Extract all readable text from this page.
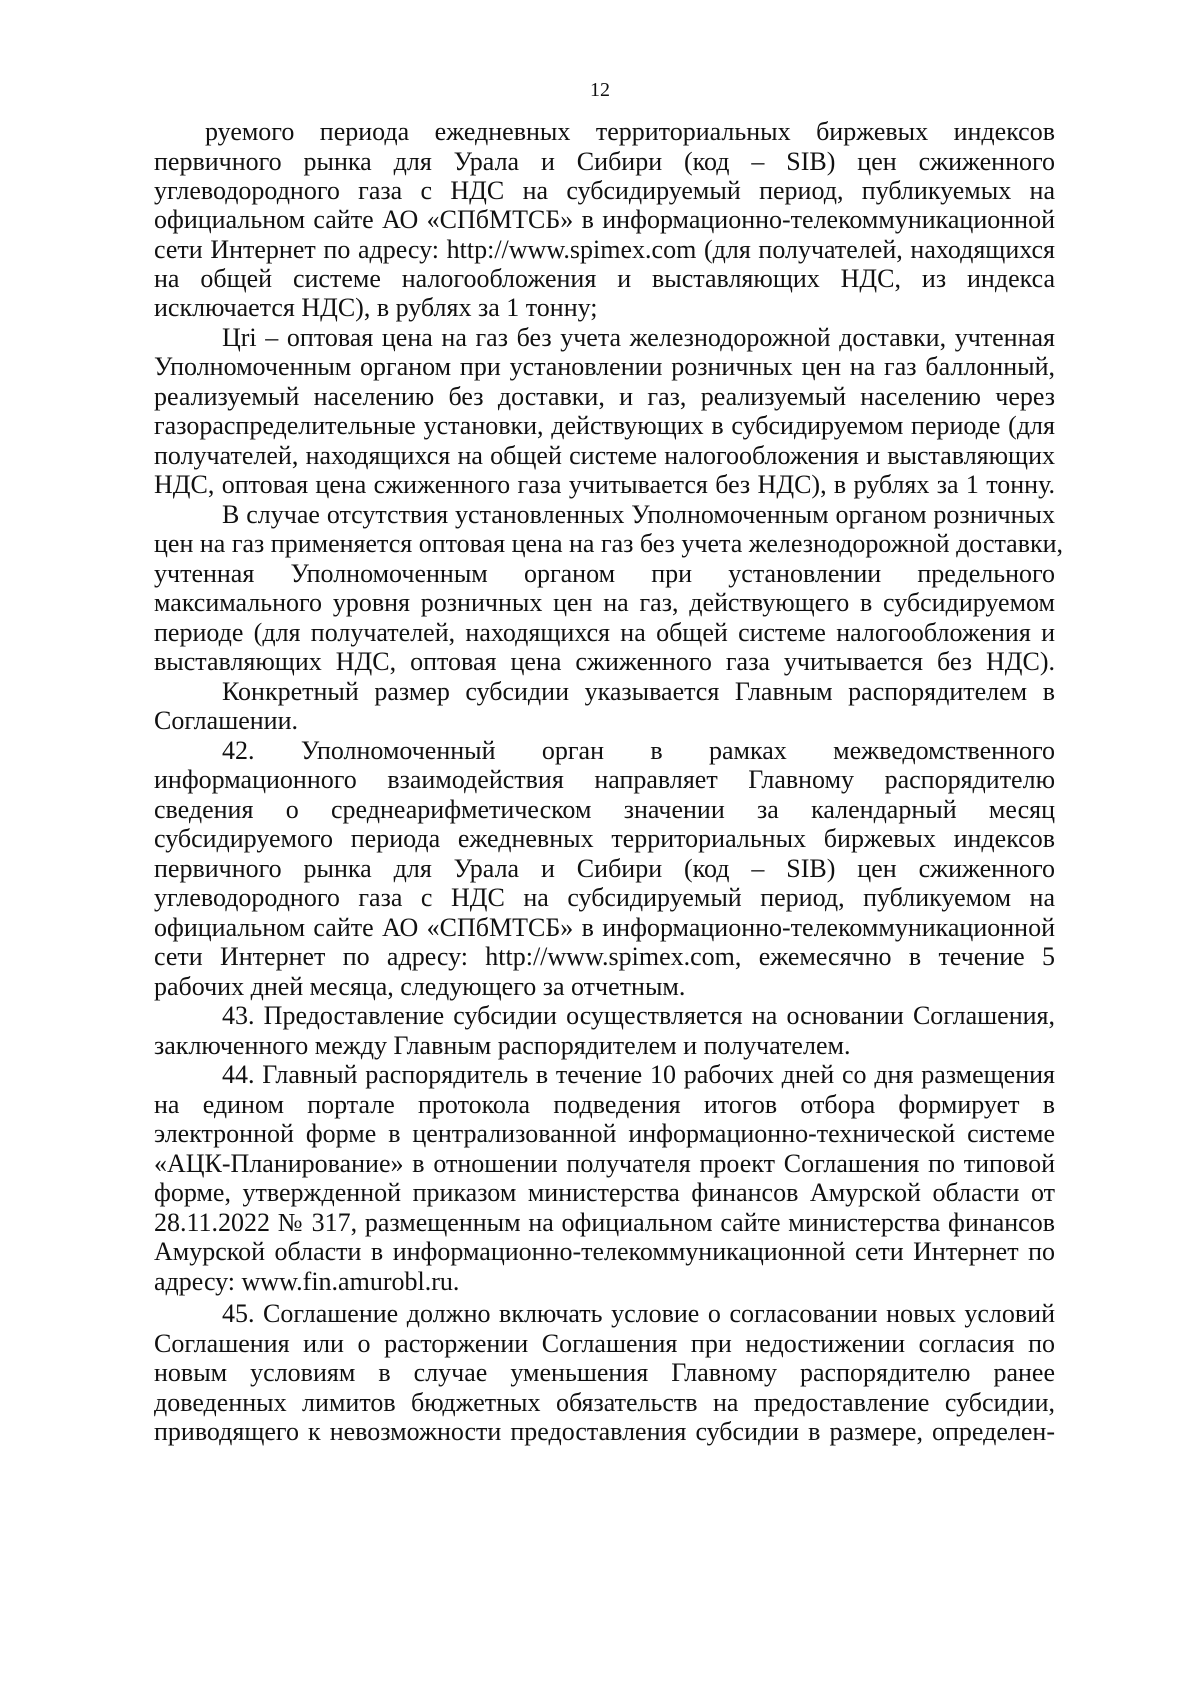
12
руемого периода ежедневных территориальных биржевых индексов
первичного рынка для Урала и Сибири (код – SIB) цен сжиженного
углеводородного газа с НДС на субсидируемый период, публикуемых на
официальном сайте АО «СПбМТСБ» в информационно-телекоммуникационной
сети Интернет по адресу: http://www.spimex.com (для получателей, находящихся
на общей системе налогообложения и выставляющих НДС, из индекса
исключается НДС), в рублях за 1 тонну;
Цri – оптовая цена на газ без учета железнодорожной доставки, учтенная
Уполномоченным органом при установлении розничных цен на газ баллонный,
реализуемый населению без доставки, и газ, реализуемый населению через
газораспределительные установки, действующих в субсидируемом периоде (для
получателей, находящихся на общей системе налогообложения и выставляющих
НДС, оптовая цена сжиженного газа учитывается без НДС), в рублях за 1 тонну.
В случае отсутствия установленных Уполномоченным органом розничных
цен на газ применяется оптовая цена на газ без учета железнодорожной доставки,
учтенная Уполномоченным органом при установлении предельного
максимального уровня розничных цен на газ, действующего в субсидируемом
периоде (для получателей, находящихся на общей системе налогообложения и
выставляющих НДС, оптовая цена сжиженного газа учитывается без НДС).
Конкретный размер субсидии указывается Главным распорядителем в
Соглашении.
42. Уполномоченный орган в рамках межведомственного
информационного взаимодействия направляет Главному распорядителю
сведения о среднеарифметическом значении за календарный месяц
субсидируемого периода ежедневных территориальных биржевых индексов
первичного рынка для Урала и Сибири (код – SIB) цен сжиженного
углеводородного газа с НДС на субсидируемый период, публикуемом на
официальном сайте АО «СПбМТСБ» в информационно-телекоммуникационной
сети Интернет по адресу: http://www.spimex.com, ежемесячно в течение 5
рабочих дней месяца, следующего за отчетным.
43. Предоставление субсидии осуществляется на основании Соглашения,
заключенного между Главным распорядителем и получателем.
44. Главный распорядитель в течение 10 рабочих дней со дня размещения
на едином портале протокола подведения итогов отбора формирует в
электронной форме в централизованной информационно-технической системе
«АЦК-Планирование» в отношении получателя проект Соглашения по типовой
форме, утвержденной приказом министерства финансов Амурской области от
28.11.2022 № 317, размещенным на официальном сайте министерства финансов
Амурской области в информационно-телекоммуникационной сети Интернет по
адресу: www.fin.amurobl.ru.
45. Соглашение должно включать условие о согласовании новых условий
Соглашения или о расторжении Соглашения при недостижении согласия по
новым условиям в случае уменьшения Главному распорядителю ранее
доведенных лимитов бюджетных обязательств на предоставление субсидии,
приводящего к невозможности предоставления субсидии в размере, определен-
